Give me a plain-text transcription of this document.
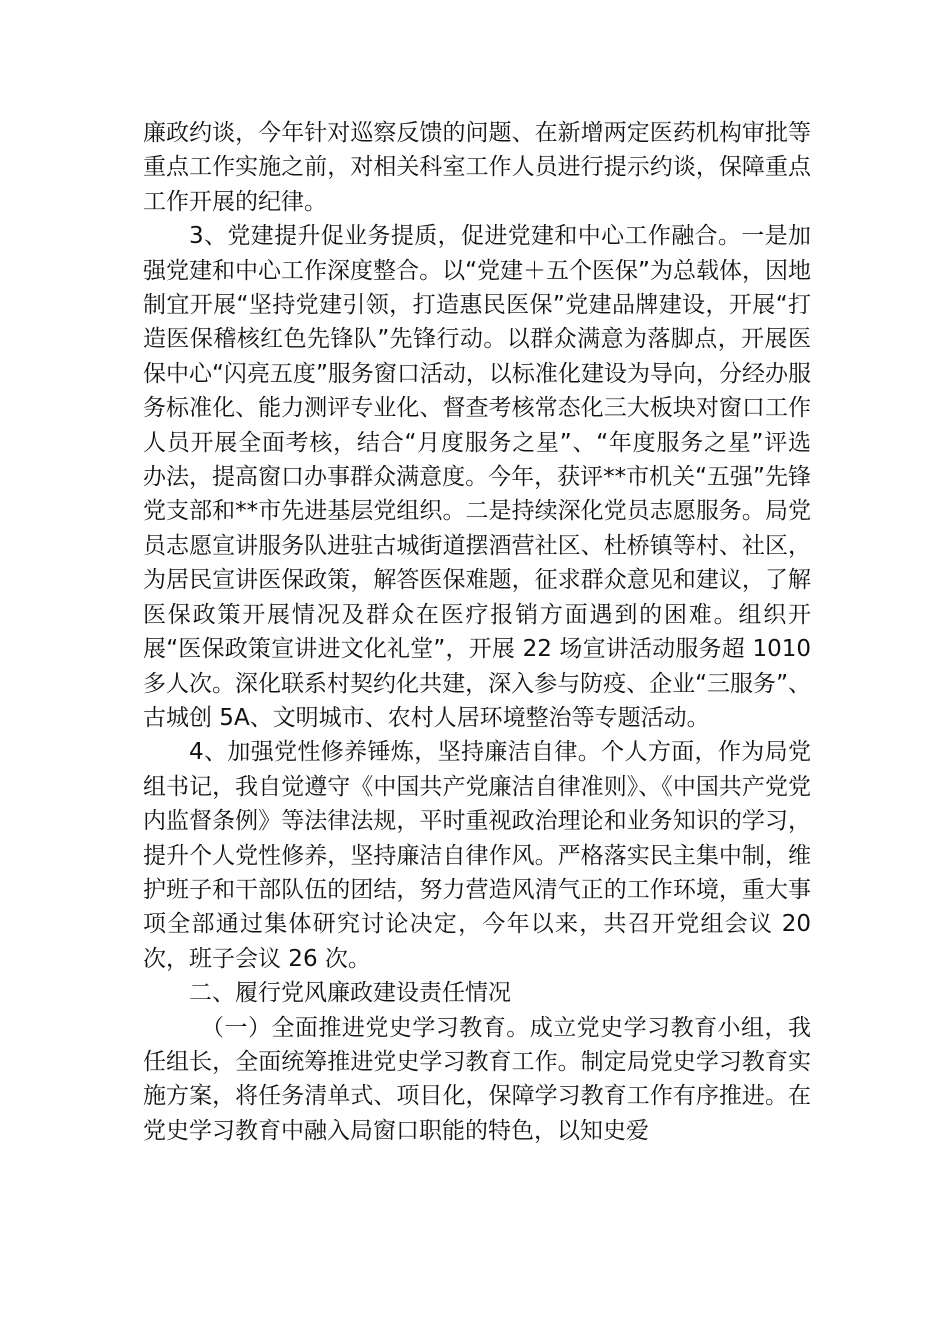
廉政约谈，今年针对巡察反馈的问题、在新增两定医药机构审批等重点工作实施之前，对相关科室工作人员进行提示约谈，保障重点工作开展的纪律。

3、党建提升促业务提质，促进党建和中心工作融合。一是加强党建和中心工作深度整合。以“党建＋五个医保”为总载体，因地制宜开展“坚持党建引领，打造惠民医保”党建品牌建设，开展“打造医保稽核红色先锋队”先锋行动。以群众满意为落脚点，开展医保中心“闪亮五度”服务窗口活动，以标准化建设为导向，分经办服务标准化、能力测评专业化、督查考核常态化三大板块对窗口工作人员开展全面考核，结合“月度服务之星”、“年度服务之星”评选办法，提高窗口办事群众满意度。今年，获评**市机关“五强”先锋党支部和**市先进基层党组织。二是持续深化党员志愿服务。局党员志愿宣讲服务队进驻古城街道摆酒营社区、杜桥镇等村、社区，为居民宣讲医保政策，解答医保难题，征求群众意见和建议，了解医保政策开展情况及群众在医疗报销方面遇到的困难。组织开展“医保政策宣讲进文化礼堂”，开展 22 场宣讲活动服务超 1010 多人次。深化联系村契约化共建，深入参与防疫、企业“三服务”、古城创 5A、文明城市、农村人居环境整治等专题活动。

4、加强党性修养锤炼，坚持廉洁自律。个人方面，作为局党组书记，我自觉遵守《中国共产党廉洁自律准则》、《中国共产党党内监督条例》等法律法规，平时重视政治理论和业务知识的学习，提升个人党性修养，坚持廉洁自律作风。严格落实民主集中制，维护班子和干部队伍的团结，努力营造风清气正的工作环境，重大事项全部通过集体研究讨论决定，今年以来，共召开党组会议 20 次，班子会议 26 次。

二、履行党风廉政建设责任情况

（一）全面推进党史学习教育。成立党史学习教育小组，我任组长，全面统筹推进党史学习教育工作。制定局党史学习教育实施方案，将任务清单式、项目化，保障学习教育工作有序推进。在党史学习教育中融入局窗口职能的特色，以知史爱
